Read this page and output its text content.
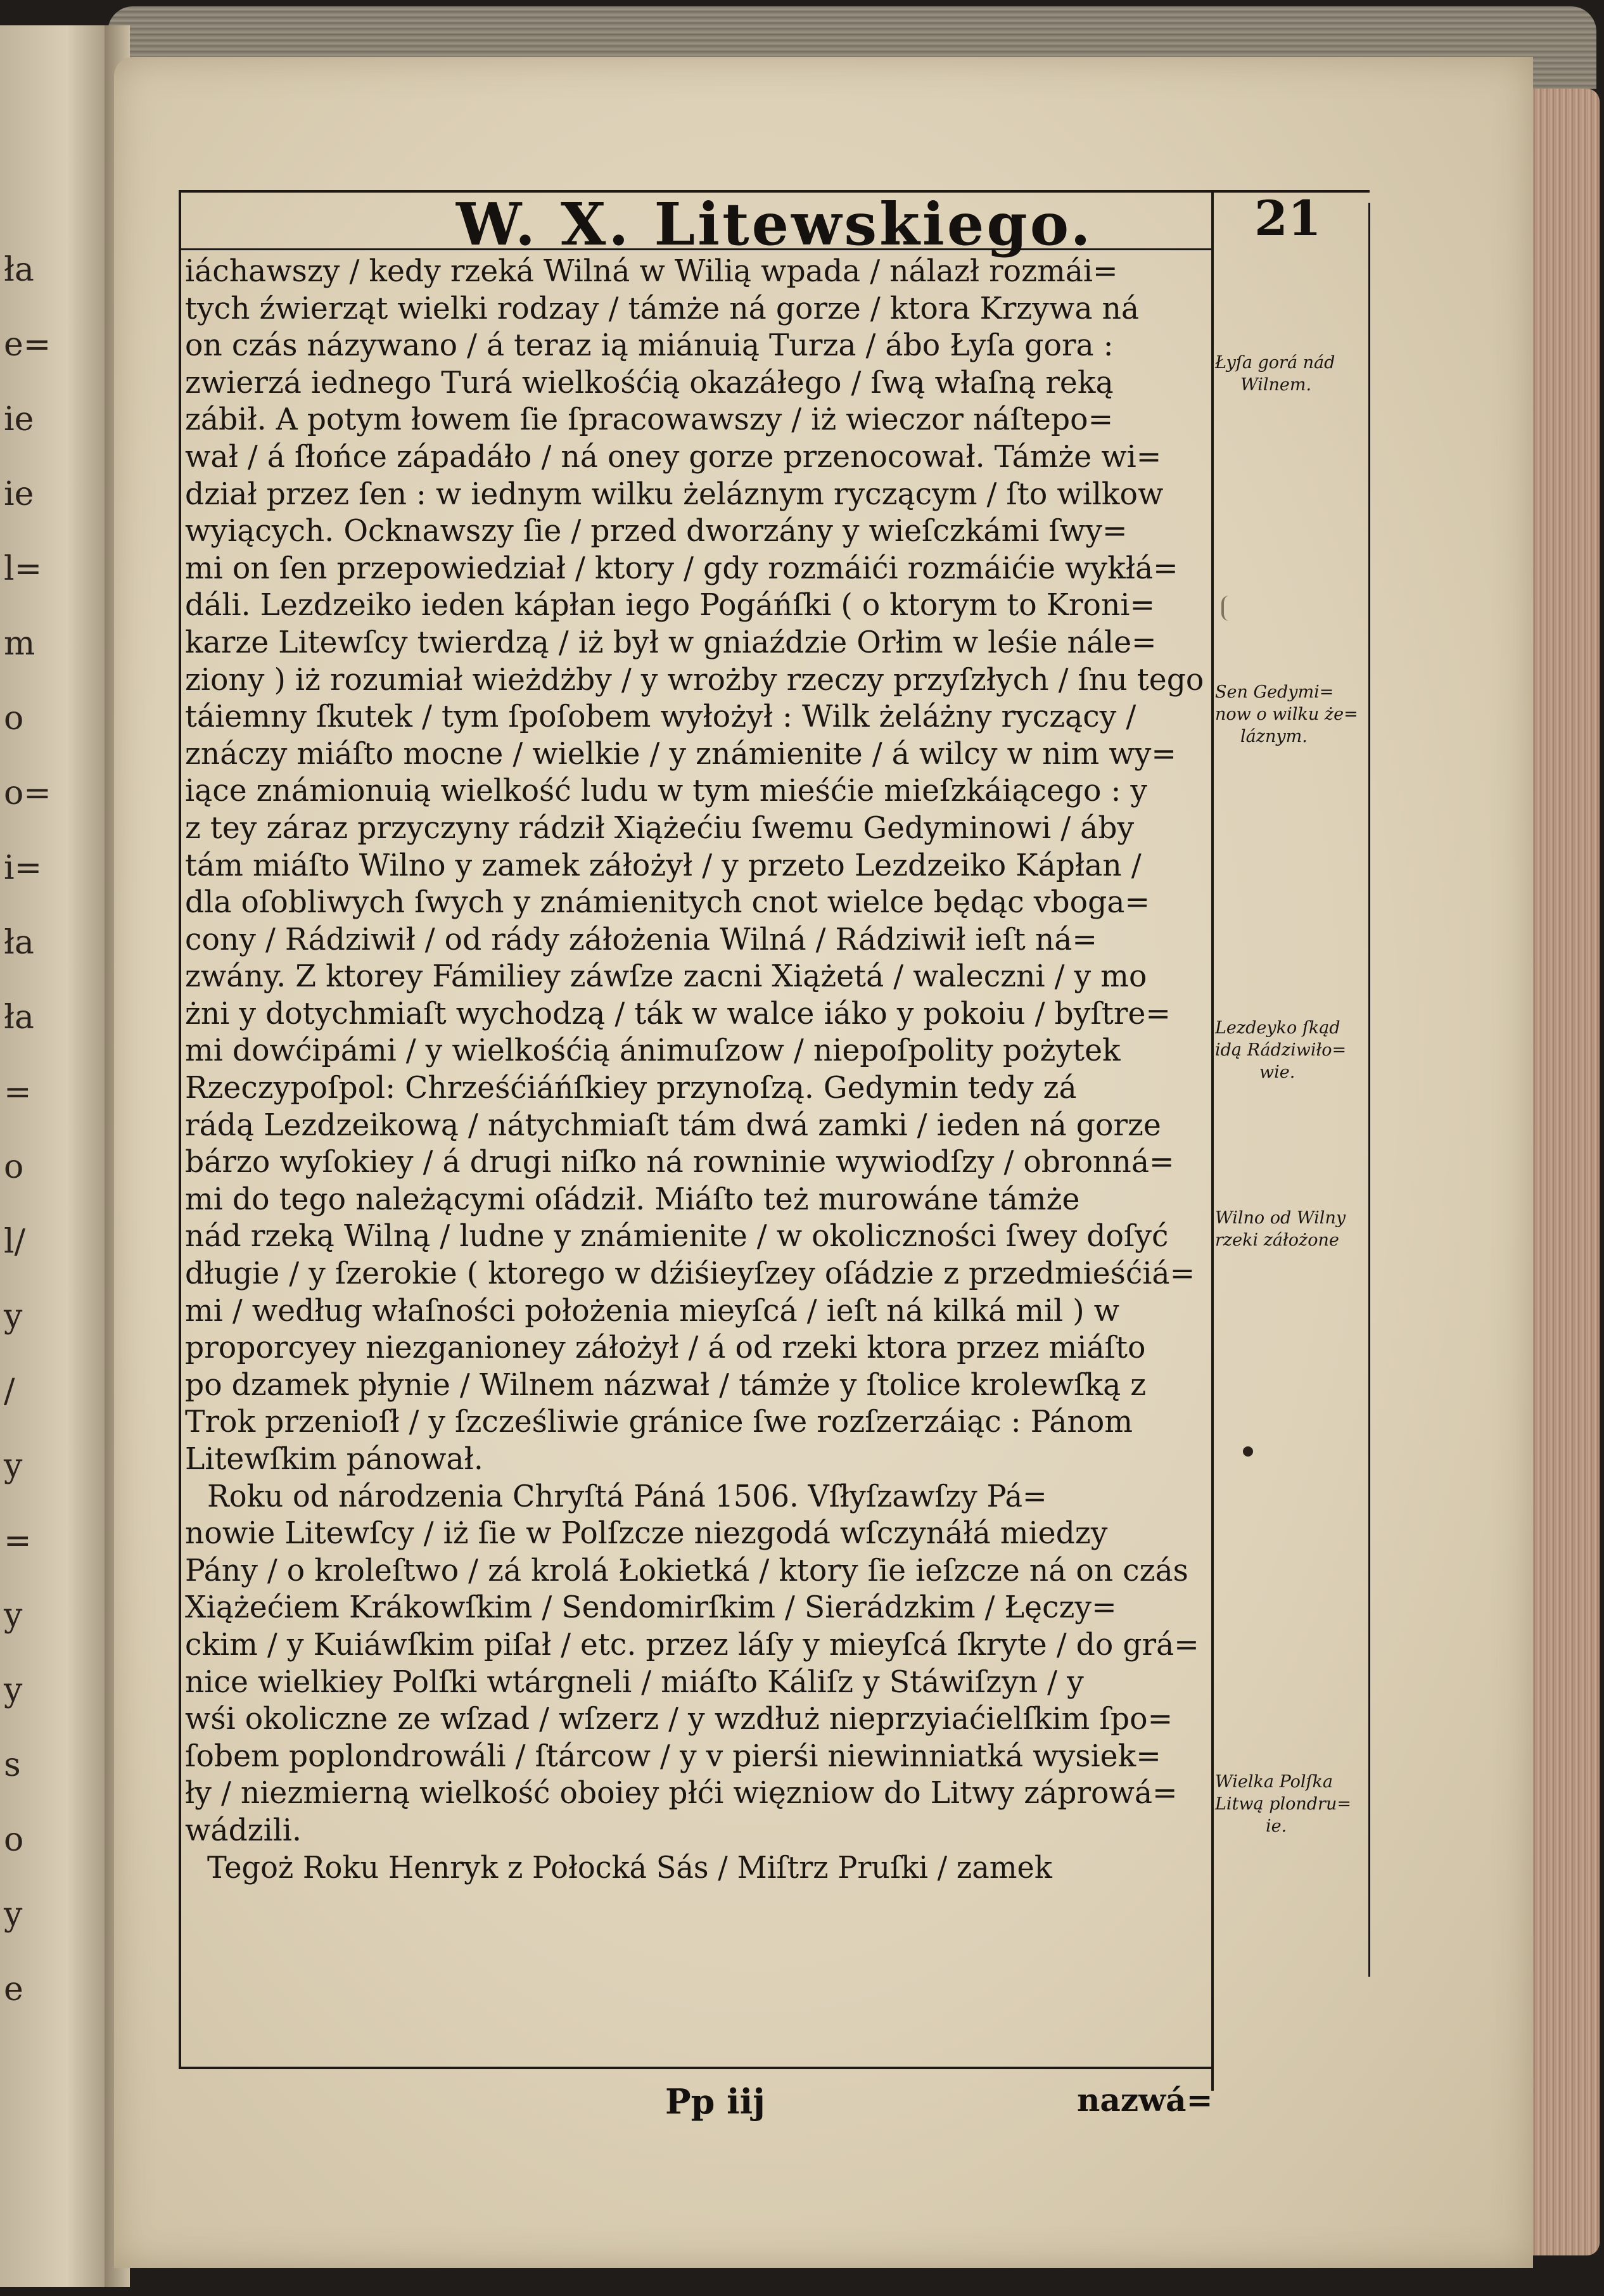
ła
e=
ie
ie
l=
m
o
o=
i=
ła
ła
=
o
l/
y
/
y
=
y
y
s
o
y
e
W. X. Litewskiego.	21
iáchawszy / kedy rzeká Wilná w Wilią wpada / nálazł rozmái=
tych źwierząt wielki rodzay / támże ná gorze / ktora Krzywa ná
on czás názywano / á teraz ią miánuią Turza / ábo Łyſa gora :
zwierzá iednego Turá wielkośćią okazáłego / ſwą właſną reką
zábił. A potym łowem ſie ſpracowawszy / iż wieczor náſtepo=
wał / á ſłońce západáło / ná oney gorze przenocował. Támże wi=
dział przez ſen : w iednym wilku żeláznym ryczącym / ſto wilkow
wyiących. Ocknawszy ſie / przed dworzány y wieſczkámi ſwy=
mi on ſen przepowiedział / ktory / gdy rozmáići rozmáićie wykłá=
dáli. Lezdzeiko ieden kápłan iego Pogáńſki ( o ktorym to Kroni=
karze Litewſcy twierdzą / iż był w gniaździe Orłim w leśie nále=
ziony ) iż rozumiał wieżdżby / y wrożby rzeczy przyſzłych / ſnu tego
táiemny ſkutek / tym ſpoſobem wyłożył : Wilk żeláżny ryczący /
znáczy miáſto mocne / wielkie / y známienite / á wilcy w nim wy=
iące známionuią wielkość ludu w tym mieśćie mieſzkáiącego : y
z tey záraz przyczyny rádził Xiążećiu ſwemu Gedyminowi / áby
tám miáſto Wilno y zamek záłożył / y przeto Lezdzeiko Kápłan /
dla oſobliwych ſwych y známienitych cnot wielce będąc vboga=
cony / Rádziwił / od rády záłożenia Wilná / Rádziwił ieſt ná=
zwány. Z ktorey Fámiliey záwſze zacni Xiążetá / waleczni / y mo
żni y dotychmiaſt wychodzą / ták w walce iáko y pokoiu / byſtre=
mi dowćipámi / y wielkośćią ánimuſzow / niepoſpolity pożytek
Rzeczypoſpol: Chrześćiáńſkiey przynoſzą. Gedymin tedy zá
rádą Lezdzeikową / nátychmiaſt tám dwá zamki / ieden ná gorze
bárzo wyſokiey / á drugi niſko ná rowninie wywiodſzy / obronná=
mi do tego należącymi oſádził. Miáſto też murowáne támże
nád rzeką Wilną / ludne y známienite / w okoliczności ſwey doſyć
długie / y ſzerokie ( ktorego w dźiśieyſzey oſádzie z przedmieśćiá=
mi / według właſności położenia mieyſcá / ieſt ná kilká mil ) w
proporcyey niezganioney záłożył / á od rzeki ktora przez miáſto
po dzamek płynie / Wilnem názwał / támże y ſtolice krolewſką z
Trok przenioſł / y ſzcześliwie gránice ſwe rozſzerzáiąc : Pánom
Litewſkim pánował.
Roku od národzenia Chryſtá Páná 1506. Vſłyſzawſzy Pá=
nowie Litewſcy / iż ſie w Polſzcze niezgodá wſczynáłá miedzy
Pány / o kroleſtwo / zá krolá Łokietká / ktory ſie ieſzcze ná on czás
Xiążećiem Krákowſkim / Sendomirſkim / Sierádzkim / Łęczy=
ckim / y Kuiáwſkim piſał / etc. przez láſy y mieyſcá ſkryte / do grá=
nice wielkiey Polſki wtárgneli / miáſto Káliſz y Stáwiſzyn / y
wśi okoliczne ze wſzad / wſzerz / y wzdłuż nieprzyiaćielſkim ſpo=
ſobem poplondrowáli / ſtárcow / y v pierśi niewinniatká wysiek=
ły / niezmierną wielkość oboiey płći więzniow do Litwy záprowá=
wádzili.
Tegoż Roku Henryk z Połocká Sás / Miſtrz Pruſki / zamek
Łyſa gorá nád
Wilnem.
Sen Gedymi=
now o wilku że=
láznym.
Lezdeyko ſkąd
idą Rádziwiło=
wie.
Wilno od Wilny
rzeki záłożone
Wielka Polſka
Litwą plondru=
ie.
Pp iij	nazwá=
